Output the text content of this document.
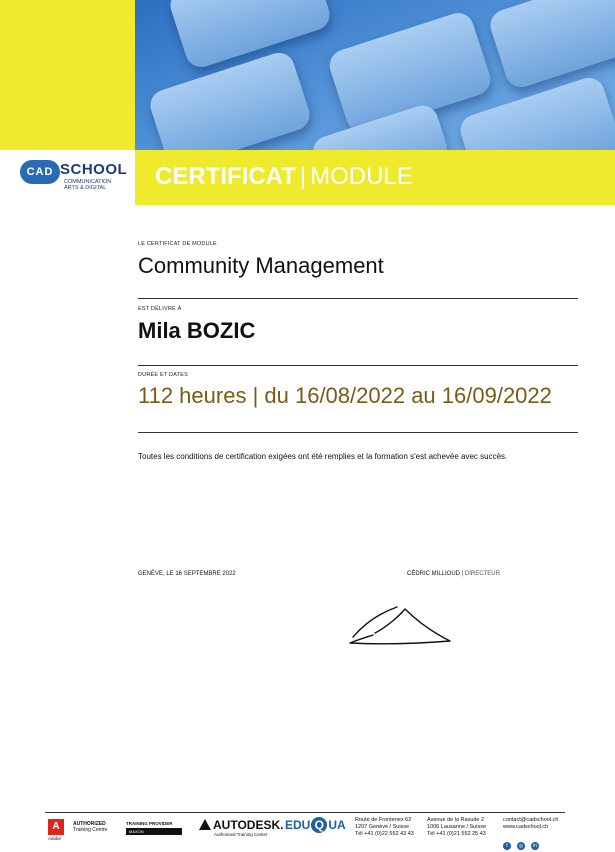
CAD SCHOOL
COMMUNICATION ARTS & DIGITAL	CERTIFICAT | MODULE
LE CERTIFICAT DE MODULE
Community Management
EST DÉLIVRÉ À
Mila BOZIC
DURÉE ET DATES
112 heures | du 16/08/2022 au 16/09/2022
Toutes les conditions de certification exigées ont été remplies et la formation s'est achevée avec succès.
GENÈVE, LE 16 SEPTEMBRE 2022	CÉDRIC MILLIOUD | DIRECTEUR
A
Adobe
AUTHORIZED
Training Centre
TRAINING PROVIDER
MAXON	AUTODESK.
Authorised Training Center
EDU Q UA Route de Frontenex 62
1207 Genève / Suisse
Tél +41 (0)22 552 43 43
Avenue de la Rasude 2
1006 Lausanne / Suisse
Tél +41 (0)21 552 25 43
contact@cadschool.ch
www.cadschool.ch
f ◎ in
